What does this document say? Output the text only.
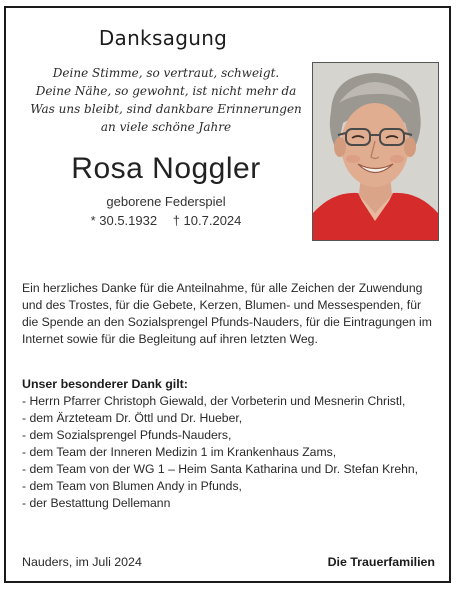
Danksagung
Deine Stimme, so vertraut, schweigt.
Deine Nähe, so gewohnt, ist nicht mehr da
Was uns bleibt, sind dankbare Erinnerungen
an viele schöne Jahre
Rosa Noggler
geborene Federspiel
* 30.5.1932 † 10.7.2024
Ein herzliches Danke für die Anteilnahme, für alle Zeichen der Zuwendung und des Trostes, für die Gebete, Kerzen, Blumen- und Messespenden, für die Spende an den Sozialsprengel Pfunds-Nauders, für die Eintragungen im Internet sowie für die Begleitung auf ihren letzten Weg.
Unser besonderer Dank gilt:
- Herrn Pfarrer Christoph Giewald, der Vorbeterin und Mesnerin Christl,
- dem Ärzteteam Dr. Öttl und Dr. Hueber,
- dem Sozialsprengel Pfunds-Nauders,
- dem Team der Inneren Medizin 1 im Krankenhaus Zams,
- dem Team von der WG 1 – Heim Santa Katharina und Dr. Stefan Krehn,
- dem Team von Blumen Andy in Pfunds,
- der Bestattung Dellemann
Nauders, im Juli 2024	Die Trauerfamilien
